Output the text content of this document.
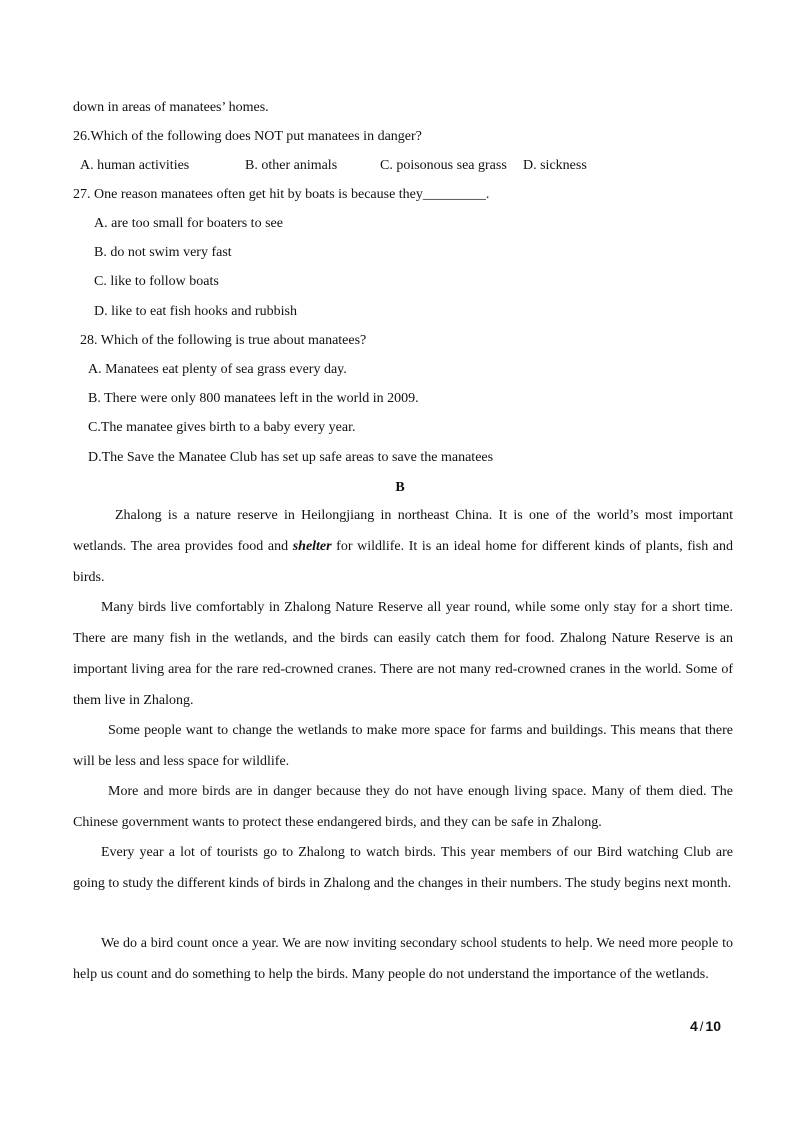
down in areas of manatees’ homes.
26.Which of the following does NOT put manatees in danger?
A. human activities	B. other animals	C. poisonous sea grass D. sickness
27. One reason manatees often get hit by boats is because they_________.
A. are too small for boaters to see
B. do not swim very fast
C. like to follow boats
D. like to eat fish hooks and rubbish
28. Which of the following is true about manatees?
A. Manatees eat plenty of sea grass every day.
B. There were only 800 manatees left in the world in 2009.
C.The manatee gives birth to a baby every year.
D.The Save the Manatee Club has set up safe areas to save the manatees
B
Zhalong is a nature reserve in Heilongjiang in northeast China. It is one of the world’s most important wetlands. The area provides food and shelter for wildlife. It is an ideal home for different kinds of plants, fish and birds.
Many birds live comfortably in Zhalong Nature Reserve all year round, while some only stay for a short time. There are many fish in the wetlands, and the birds can easily catch them for food. Zhalong Nature Reserve is an important living area for the rare red-crowned cranes. There are not many red-crowned cranes in the world. Some of them live in Zhalong.
Some people want to change the wetlands to make more space for farms and buildings. This means that there will be less and less space for wildlife.
More and more birds are in danger because they do not have enough living space. Many of them died. The Chinese government wants to protect these endangered birds, and they can be safe in Zhalong.
Every year a lot of tourists go to Zhalong to watch birds. This year members of our Bird watching Club are going to study the different kinds of birds in Zhalong and the changes in their numbers. The study begins next month.
We do a bird count once a year. We are now inviting secondary school students to help. We need more people to help us count and do something to help the birds. Many people do not understand the importance of the wetlands.
4 / 10
